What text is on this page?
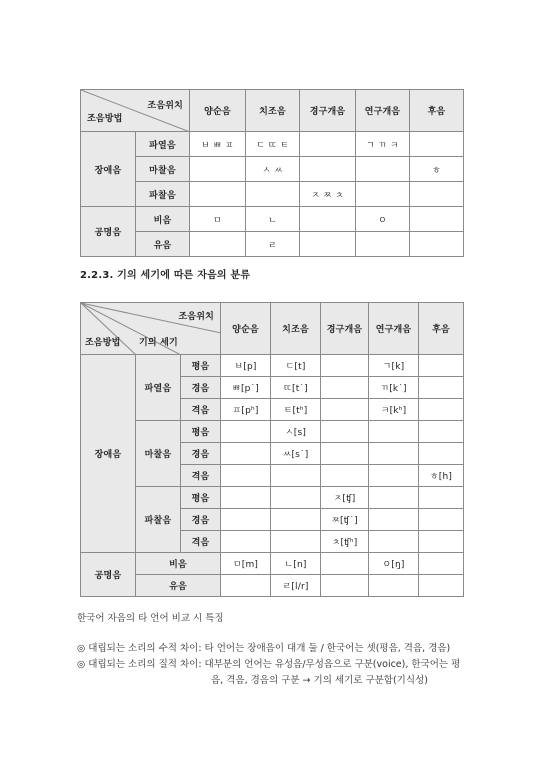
조음위치
조음방법		양순음	치조음	경구개음	연구개음	후음
장애음	파열음	ㅂ ㅃ ㅍ	ㄷ ㄸ ㅌ		ㄱ ㄲ ㅋ	
	마찰음		ㅅ ㅆ			ㅎ
	파찰음			ㅈ ㅉ ㅊ		
공명음	비음	ㅁ	ㄴ		ㅇ	
	유음		ㄹ			
2.2.3. 기의 세기에 따른 자음의 분류
조음위치
기의 세기
조음방법			양순음	치조음	경구개음	연구개음	후음
장애음	파열음	평음	ㅂ[p]	ㄷ[t]		ㄱ[k]	
		경음	ㅃ[p˙]	ㄸ[t˙]		ㄲ[k˙]	
		격음	ㅍ[pʰ]	ㅌ[tʰ]		ㅋ[kʰ]	
	마찰음	평음		ㅅ[s]			
		경음		ㅆ[s˙]			
		격음					ㅎ[h]
	파찰음	평음			ㅈ[ʧ]		
		경음			ㅉ[ʧ˙]		
		격음			ㅊ[ʧʰ]		
공명음	비음		ㅁ[m]	ㄴ[n]		ㅇ[ŋ]	
	유음			ㄹ[l/r]			
한국어 자음의 타 언어 비교 시 특징
◎ 대립되는 소리의 수적 차이: 타 언어는 장애음이 대개 둘 / 한국어는 셋(평음, 격음, 경음)
◎ 대립되는 소리의 질적 차이: 대부분의 언어는 유성음/무성음으로 구분(voice), 한국어는 평
음, 격음, 경음의 구분 → 기의 세기로 구분함(기식성)
